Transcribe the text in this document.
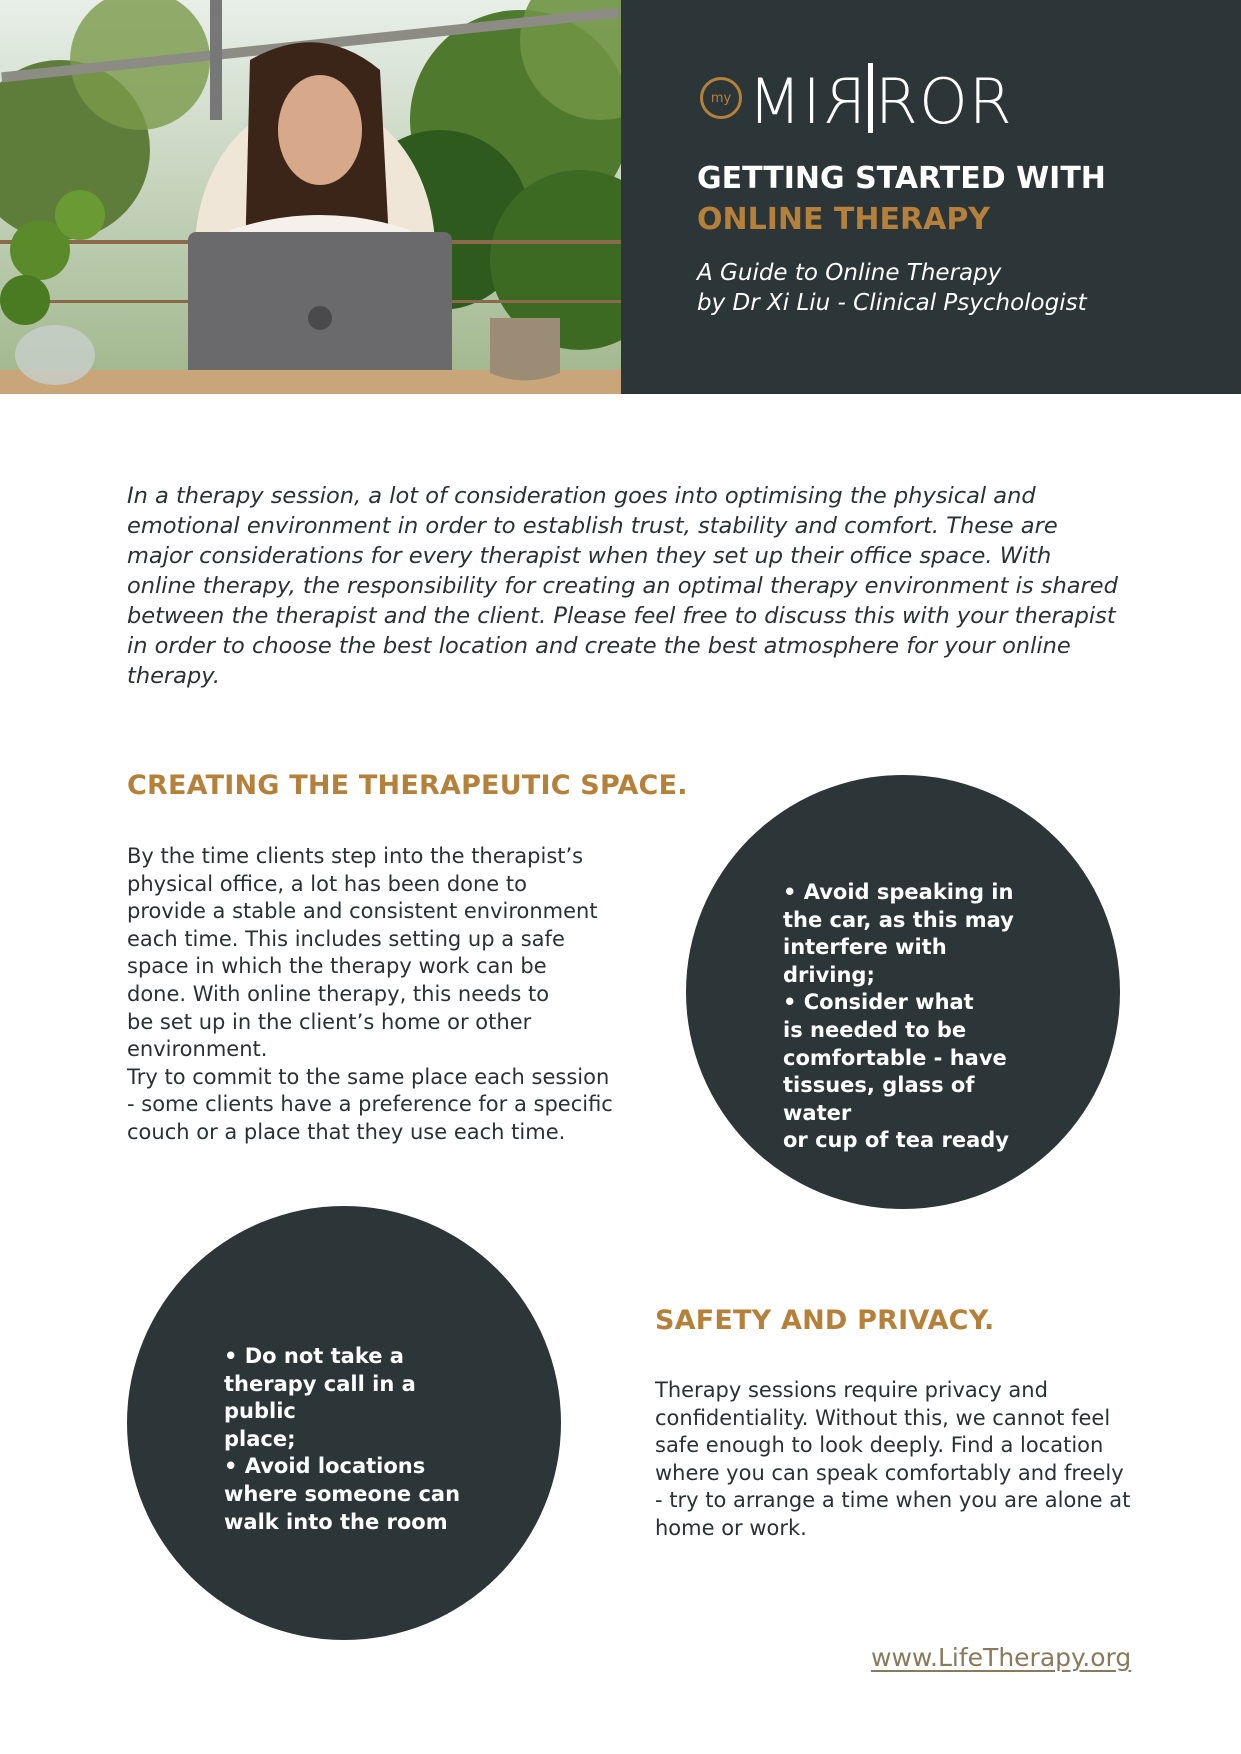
my MIR ROR
GETTING STARTED WITH
ONLINE THERAPY
A Guide to Online Therapy
by Dr Xi Liu - Clinical Psychologist

In a therapy session, a lot of consideration goes into optimising the physical and emotional environment in order to establish trust, stability and comfort. These are major considerations for every therapist when they set up their office space. With online therapy, the responsibility for creating an optimal therapy environment is shared between the therapist and the client. Please feel free to discuss this with your therapist in order to choose the best location and create the best atmosphere for your online therapy.

CREATING THE THERAPEUTIC SPACE.

By the time clients step into the therapist’s
physical office, a lot has been done to
provide a stable and consistent environment
each time. This includes setting up a safe
space in which the therapy work can be
done. With online therapy, this needs to
be set up in the client’s home or other
environment.
Try to commit to the same place each session
- some clients have a preference for a specific
couch or a place that they use each time.

• Avoid speaking in
the car, as this may
interfere with driving;
• Consider what
is needed to be
comfortable - have
tissues, glass of water
or cup of tea ready

• Do not take a
therapy call in a public
place;
• Avoid locations
where someone can
walk into the room

SAFETY AND PRIVACY.

Therapy sessions require privacy and
confidentiality. Without this, we cannot feel
safe enough to look deeply. Find a location
where you can speak comfortably and freely
- try to arrange a time when you are alone at
home or work.

www.LifeTherapy.org
